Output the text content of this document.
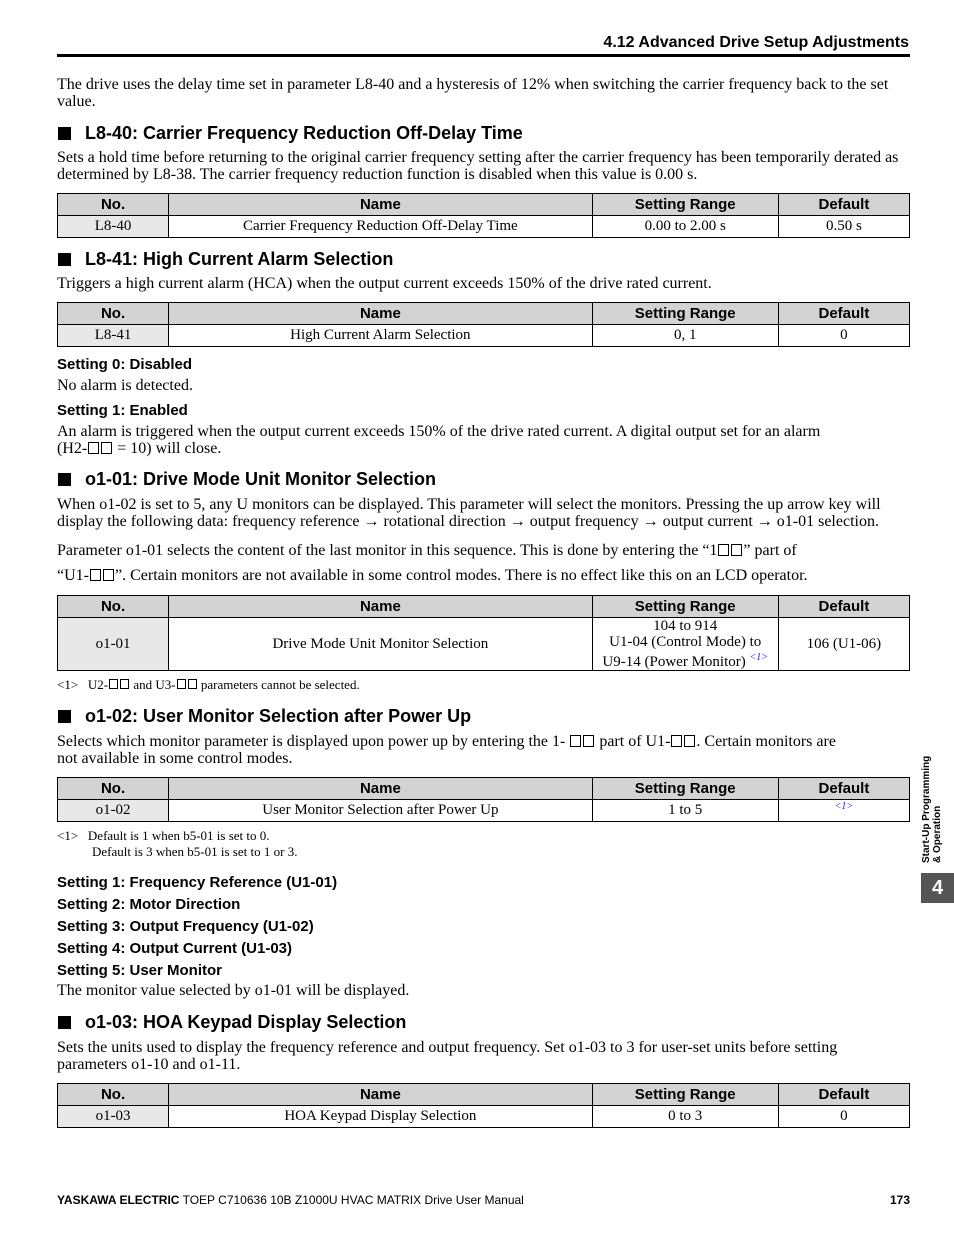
4.12 Advanced Drive Setup Adjustments

The drive uses the delay time set in parameter L8-40 and a hysteresis of 12% when switching the carrier frequency back to the set value.

L8-40: Carrier Frequency Reduction Off-Delay Time

Sets a hold time before returning to the original carrier frequency setting after the carrier frequency has been temporarily derated as determined by L8-38. The carrier frequency reduction function is disabled when this value is 0.00 s.

No.	Name	Setting Range	Default
L8-40	Carrier Frequency Reduction Off-Delay Time	0.00 to 2.00 s	0.50 s
L8-41: High Current Alarm Selection

Triggers a high current alarm (HCA) when the output current exceeds 150% of the drive rated current.

No.	Name	Setting Range	Default
L8-41	High Current Alarm Selection	0, 1	0
Setting 0: Disabled

No alarm is detected.

Setting 1: Enabled

An alarm is triggered when the output current exceeds 150% of the drive rated current. A digital output set for an alarm
(H2- = 10) will close.

o1-01: Drive Mode Unit Monitor Selection

When o1-02 is set to 5, any U monitors can be displayed. This parameter will select the monitors. Pressing the up arrow key will display the following data: frequency reference → rotational direction → output frequency → output current → o1-01 selection.

Parameter o1-01 selects the content of the last monitor in this sequence. This is done by entering the “1 ” part of
“U1- ”. Certain monitors are not available in some control modes. There is no effect like this on an LCD operator.

No.	Name	Setting Range	Default
o1-01	Drive Mode Unit Monitor Selection	104 to 914
U1-04 (Control Mode) to
U9-14 (Power Monitor) $^{<1>}$	106 (U1-06)
<1> U2- and U3- parameters cannot be selected.
o1-02: User Monitor Selection after Power Up

Selects which monitor parameter is displayed upon power up by entering the 1-  part of U1- . Certain monitors are
not available in some control modes.

No.	Name	Setting Range	Default
o1-02	User Monitor Selection after Power Up	1 to 5	$^{<1>}$
<1> Default is 1 when b5-01 is set to 0.
Default is 3 when b5-01 is set to 1 or 3.
Setting 1: Frequency Reference (U1-01)
Setting 2: Motor Direction
Setting 3: Output Frequency (U1-02)
Setting 4: Output Current (U1-03)
Setting 5: User Monitor

The monitor value selected by o1-01 will be displayed.

o1-03: HOA Keypad Display Selection

Sets the units used to display the frequency reference and output frequency. Set o1-03 to 3 for user-set units before setting parameters o1-10 and o1-11.

No.	Name	Setting Range	Default
o1-03	HOA Keypad Display Selection	0 to 3	0
Start-Up Programming
& Operation
4
YASKAWA ELECTRIC TOEP C710636 10B Z1000U HVAC MATRIX Drive User Manual	173
